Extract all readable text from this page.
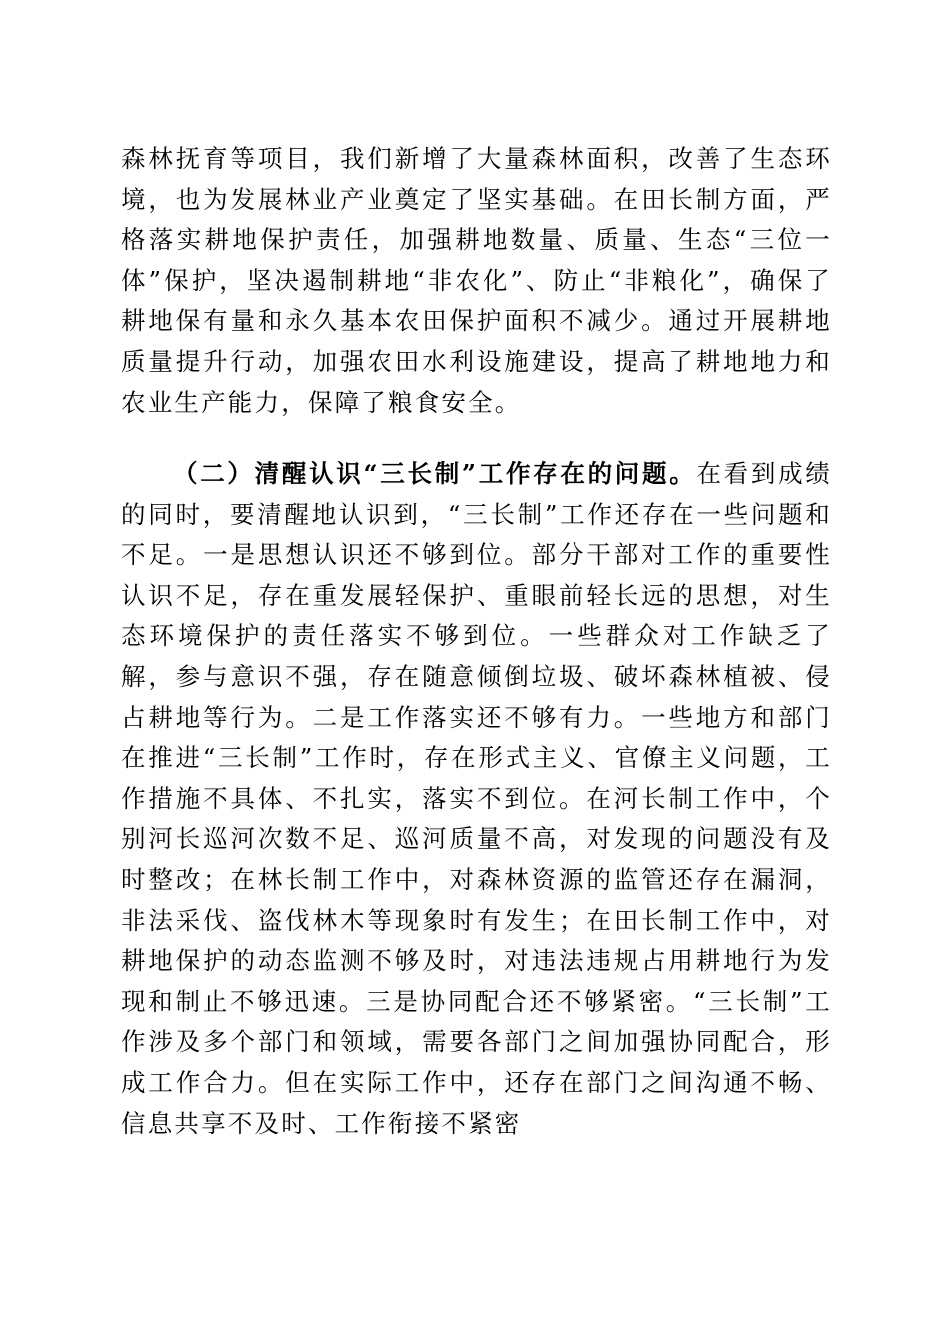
森林抚育等项目，我们新增了大量森林面积，改善了生态环境，也为发展林业产业奠定了坚实基础。在田长制方面，严格落实耕地保护责任，加强耕地数量、质量、生态“三位一体”保护，坚决遏制耕地“非农化”、防止“非粮化”，确保了耕地保有量和永久基本农田保护面积不减少。通过开展耕地质量提升行动，加强农田水利设施建设，提高了耕地地力和农业生产能力，保障了粮食安全。

（二）清醒认识“三长制”工作存在的问题。在看到成绩的同时，要清醒地认识到，“三长制”工作还存在一些问题和不足。一是思想认识还不够到位。部分干部对工作的重要性认识不足，存在重发展轻保护、重眼前轻长远的思想，对生态环境保护的责任落实不够到位。一些群众对工作缺乏了解，参与意识不强，存在随意倾倒垃圾、破坏森林植被、侵占耕地等行为。二是工作落实还不够有力。一些地方和部门在推进“三长制”工作时，存在形式主义、官僚主义问题，工作措施不具体、不扎实，落实不到位。在河长制工作中，个别河长巡河次数不足、巡河质量不高，对发现的问题没有及时整改；在林长制工作中，对森林资源的监管还存在漏洞，非法采伐、盗伐林木等现象时有发生；在田长制工作中，对耕地保护的动态监测不够及时，对违法违规占用耕地行为发现和制止不够迅速。三是协同配合还不够紧密。“三长制”工作涉及多个部门和领域，需要各部门之间加强协同配合，形成工作合力。但在实际工作中，还存在部门之间沟通不畅、信息共享不及时、工作衔接不紧密
